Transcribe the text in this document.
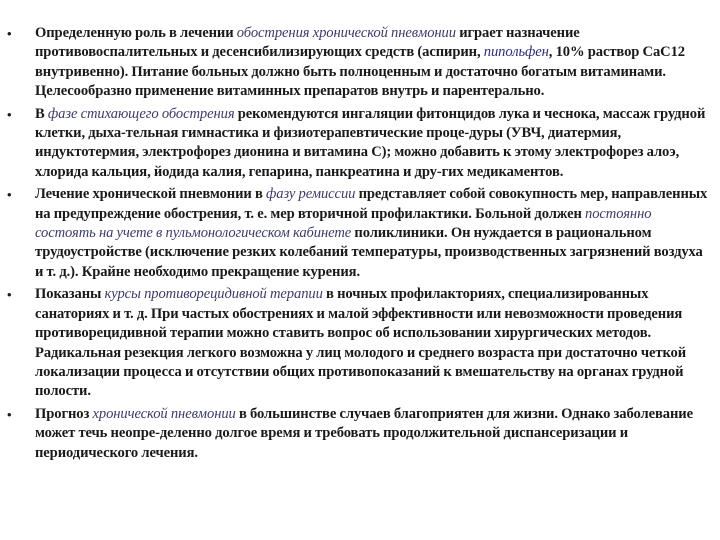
• Определенную роль в лечении обострения хронической пневмонии играет назначение противовоспалительных и десенсибилизирующих средств (аспирин, пипольфен, 10% раствор СаС12 внутривенно). Питание больных должно быть полноценным и достаточно богатым витаминами. Целесообразно применение витаминных препаратов внутрь и парентерально.
• В фазе стихающего обострения рекомендуются ингаляции фитонцидов лука и чеснока, массаж грудной клетки, дыха-тельная гимнастика и физиотерапевтические проце-дуры (УВЧ, диатермия, индуктотермия, электрофорез дионина и витамина С); можно добавить к этому электрофорез алоэ, хлорида кальция, йодида калия, гепарина, панкреатина и дру-гих медикаментов.
• Лечение хронической пневмонии в фазу ремиссии представляет собой совокупность мер, направленных на предупреждение обострения, т. е. мер вторичной профилактики. Больной должен постоянно состоять на учете в пульмонологическом кабинете поликлиники. Он нуждается в рациональном трудоустройстве (исключение резких колебаний температуры, производственных загрязнений воздуха и т. д.). Крайне необходимо прекращение курения.
• Показаны курсы противорецидивной терапии в ночных профилакториях, специализированных санаториях и т. д. При частых обострениях и малой эффективности или невозможности проведения противорецидивной терапии можно ставить вопрос об использовании хирургических методов. Радикальная резекция легкого возможна у лиц молодого и среднего возраста при достаточно четкой локализации процесса и отсутствии общих противопоказаний к вмешательству на органах грудной полости.
• Прогноз хронической пневмонии в большинстве случаев благоприятен для жизни. Однако заболевание может течь неопре-деленно долгое время и требовать продолжительной диспансеризации и периодического лечения.
